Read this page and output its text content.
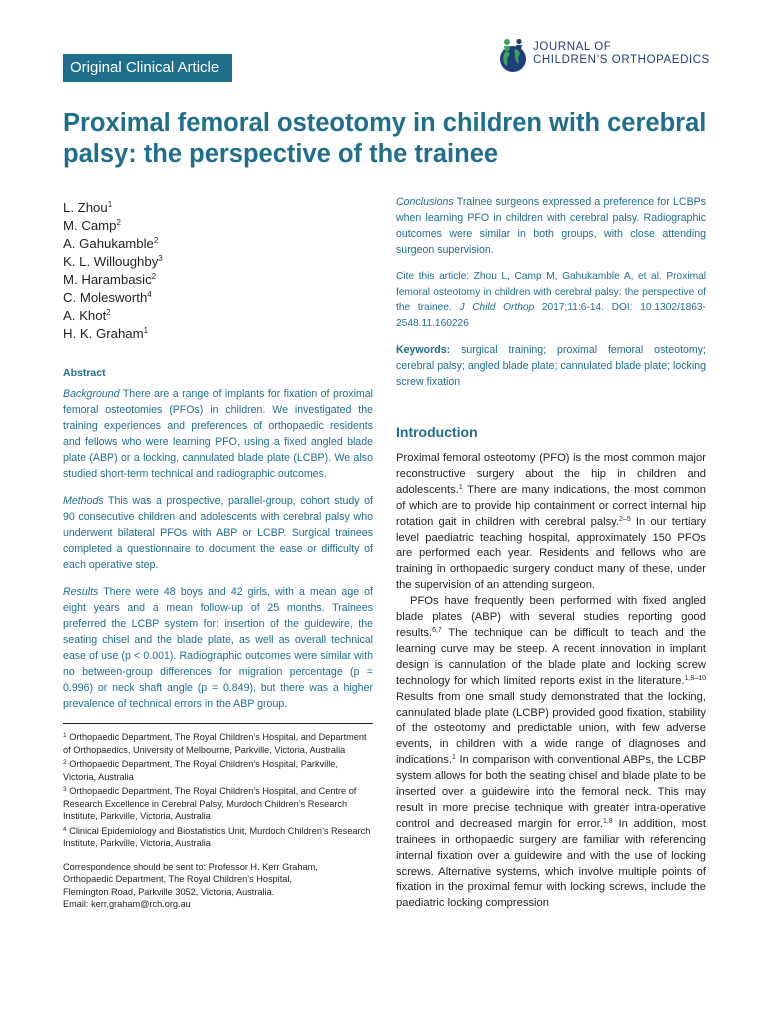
Original Clinical Article
JOURNAL OF
CHILDREN’S ORTHOPAEDICS
Proximal femoral osteotomy in children with cerebral palsy: the perspective of the trainee
L. Zhou$^1$
M. Camp$^2$
A. Gahukamble$^2$
K. L. Willoughby$^3$
M. Harambasic$^2$
C. Molesworth$^4$
A. Khot$^2$
H. K. Graham$^1$
Abstract

Background There are a range of implants for fixation of proximal femoral osteotomies (PFOs) in children. We investigated the training experiences and preferences of orthopaedic residents and fellows who were learning PFO, using a fixed angled blade plate (ABP) or a locking, cannulated blade plate (LCBP). We also studied short-term technical and radiographic outcomes.

Methods This was a prospective, parallel-group, cohort study of 90 consecutive children and adolescents with cerebral palsy who underwent bilateral PFOs with ABP or LCBP. Surgical trainees completed a questionnaire to document the ease or difficulty of each operative step.

Results There were 48 boys and 42 girls, with a mean age of eight years and a mean follow-up of 25 months. Trainees preferred the LCBP system for: insertion of the guidewire, the seating chisel and the blade plate, as well as overall technical ease of use (p < 0.001). Radiographic outcomes were similar with no between-group differences for migration percentage (p = 0.996) or neck shaft angle (p = 0.849), but there was a higher prevalence of technical errors in the ABP group.

$^1$ Orthopaedic Department, The Royal Children’s Hospital, and Department of Orthopaedics, University of Melbourne, Parkville, Victoria, Australia

$^2$ Orthopaedic Department, The Royal Children’s Hospital, Parkville, Victoria, Australia

$^3$ Orthopaedic Department, The Royal Children’s Hospital, and Centre of Research Excellence in Cerebral Palsy, Murdoch Children’s Research Institute, Parkville, Victoria, Australia

$^4$ Clinical Epidemiology and Biostatistics Unit, Murdoch Children’s Research Institute, Parkville, Victoria, Australia

Correspondence should be sent to: Professor H. Kerr Graham,
Orthopaedic Department, The Royal Children’s Hospital,
Flemington Road, Parkville 3052, Victoria, Australia.
Email: kerr.graham@rch.org.au

Conclusions Trainee surgeons expressed a preference for LCBPs when learning PFO in children with cerebral palsy. Radiographic outcomes were similar in both groups, with close attending surgeon supervision.

Cite this article: Zhou L, Camp M, Gahukamble A, et al. Proximal femoral osteotomy in children with cerebral palsy: the perspective of the trainee. J Child Orthop 2017;11:6-14. DOI: 10.1302/1863-2548.11.160226

Keywords: surgical training; proximal femoral osteotomy; cerebral palsy; angled blade plate; cannulated blade plate; locking screw fixation

Introduction

Proximal femoral osteotomy (PFO) is the most common major reconstructive surgery about the hip in children and adolescents.$^1$ There are many indications, the most common of which are to provide hip containment or correct internal hip rotation gait in children with cerebral palsy.$^{2-5}$ In our tertiary level paediatric teaching hospital, approximately 150 PFOs are performed each year. Residents and fellows who are training in orthopaedic surgery conduct many of these, under the supervision of an attending surgeon.

PFOs have frequently been performed with fixed angled blade plates (ABP) with several studies reporting good results.$^{6,7}$ The technique can be difficult to teach and the learning curve may be steep. A recent innovation in implant design is cannulation of the blade plate and locking screw technology for which limited reports exist in the literature.$^{1,8-10}$ Results from one small study demonstrated that the locking, cannulated blade plate (LCBP) provided good fixation, stability of the osteotomy and predictable union, with few adverse events, in children with a wide range of diagnoses and indications.$^1$ In comparison with conventional ABPs, the LCBP system allows for both the seating chisel and blade plate to be inserted over a guidewire into the femoral neck. This may result in more precise technique with greater intra-operative control and decreased margin for error.$^{1,8}$ In addition, most trainees in orthopaedic surgery are familiar with referencing internal fixation over a guidewire and with the use of locking screws. Alternative systems, which involve multiple points of fixation in the proximal femur with locking screws, include the paediatric locking compression
